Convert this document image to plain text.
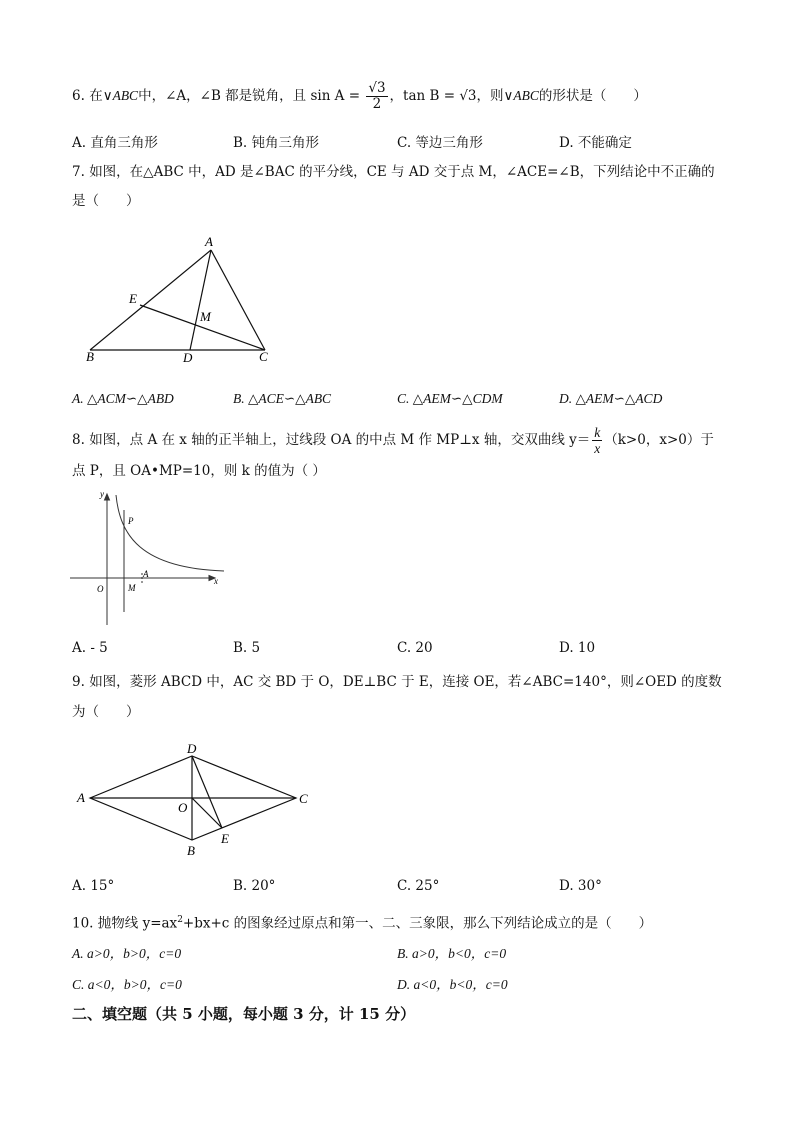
6. 在∨ABC中，∠A，∠B 都是锐角，且 $\sin A = \frac{√3}{2}$ ，tan B = √3，则∨ABC的形状是（　　）
A. 直角三角形	B. 钝角三角形	C. 等边三角形	D. 不能确定
7. 如图，在△ABC 中，AD 是∠BAC 的平分线，CE 与 AD 交于点 M，∠ACE=∠B，下列结论中不正确的
是（　　）
A
B	C
D
E
M
A. △ACM∽△ABD	B. △ACE∽△ABC	C. △AEM∽△CDM	D. △AEM∽△ACD
8. 如图，点 A 在 x 轴的正半轴上，过线段 OA 的中点 M 作 MP⊥x 轴，交双曲线 $y= \frac{k}{x} (k>0$，x>0）于
点 P，且 OA•MP=10，则 k 的值为（ ）
y
x
O	M
A
P
A. - 5	B. 5	C. 20	D. 10
9. 如图，菱形 ABCD 中，AC 交 BD 于 O，DE⊥BC 于 E，连接 OE，若∠ABC=140°，则∠OED 的度数
为（　　）
A
D
C
B
O
E
A. 15°	B. 20°	C. 25°	D. 30°
10. 抛物线 $y=ax^2+bx+c$ 的图象经过原点和第一、二、三象限，那么下列结论成立的是（　　）
A. a>0，b>0，c=0	B. a>0，b<0，c=0
C. a<0，b>0，c=0	D. a<0，b<0，c=0
二、填空题（共 5 小题，每小题 3 分，计 15 分）
